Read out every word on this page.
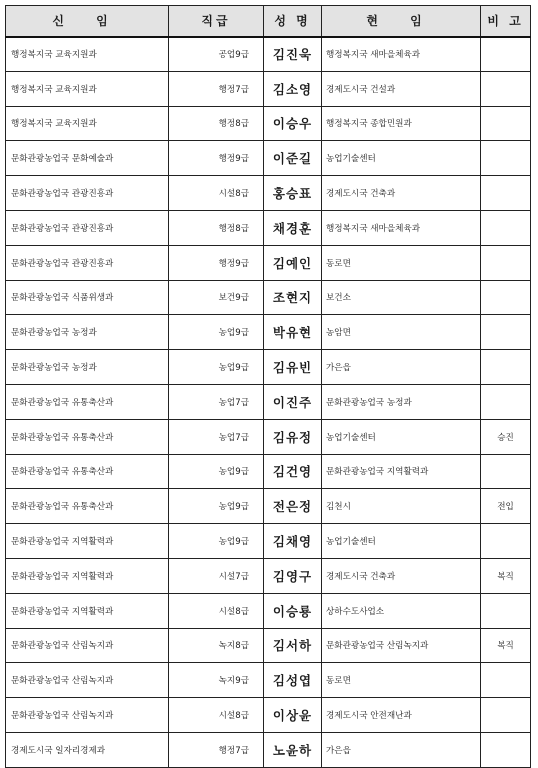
신 임	직급	성 명	현 임	비 고
행정복지국 교육지원과	공업9급	김진욱	행정복지국 새마을체육과	
행정복지국 교육지원과	행정7급	김소영	경제도시국 건설과	
행정복지국 교육지원과	행정8급	이승우	행정복지국 종합민원과	
문화관광농업국 문화예술과	행정9급	이준길	농업기술센터	
문화관광농업국 관광진흥과	시설8급	홍승표	경제도시국 건축과	
문화관광농업국 관광진흥과	행정8급	채경훈	행정복지국 새마을체육과	
문화관광농업국 관광진흥과	행정9급	김예인	동로면	
문화관광농업국 식품위생과	보건9급	조현지	보건소	
문화관광농업국 농정과	농업9급	박유현	농암면	
문화관광농업국 농정과	농업9급	김유빈	가은읍	
문화관광농업국 유통축산과	농업7급	이진주	문화관광농업국 농정과	
문화관광농업국 유통축산과	농업7급	김유정	농업기술센터	승진
문화관광농업국 유통축산과	농업9급	김건영	문화관광농업국 지역활력과	
문화관광농업국 유통축산과	농업9급	전은정	김천시	전입
문화관광농업국 지역활력과	농업9급	김채영	농업기술센터	
문화관광농업국 지역활력과	시설7급	김영구	경제도시국 건축과	복직
문화관광농업국 지역활력과	시설8급	이승룡	상하수도사업소	
문화관광농업국 산림녹지과	녹지8급	김서하	문화관광농업국 산림녹지과	복직
문화관광농업국 산림녹지과	녹지9급	김성엽	동로면	
문화관광농업국 산림녹지과	시설8급	이상윤	경제도시국 안전재난과	
경제도시국 일자리경제과	행정7급	노윤하	가은읍	
